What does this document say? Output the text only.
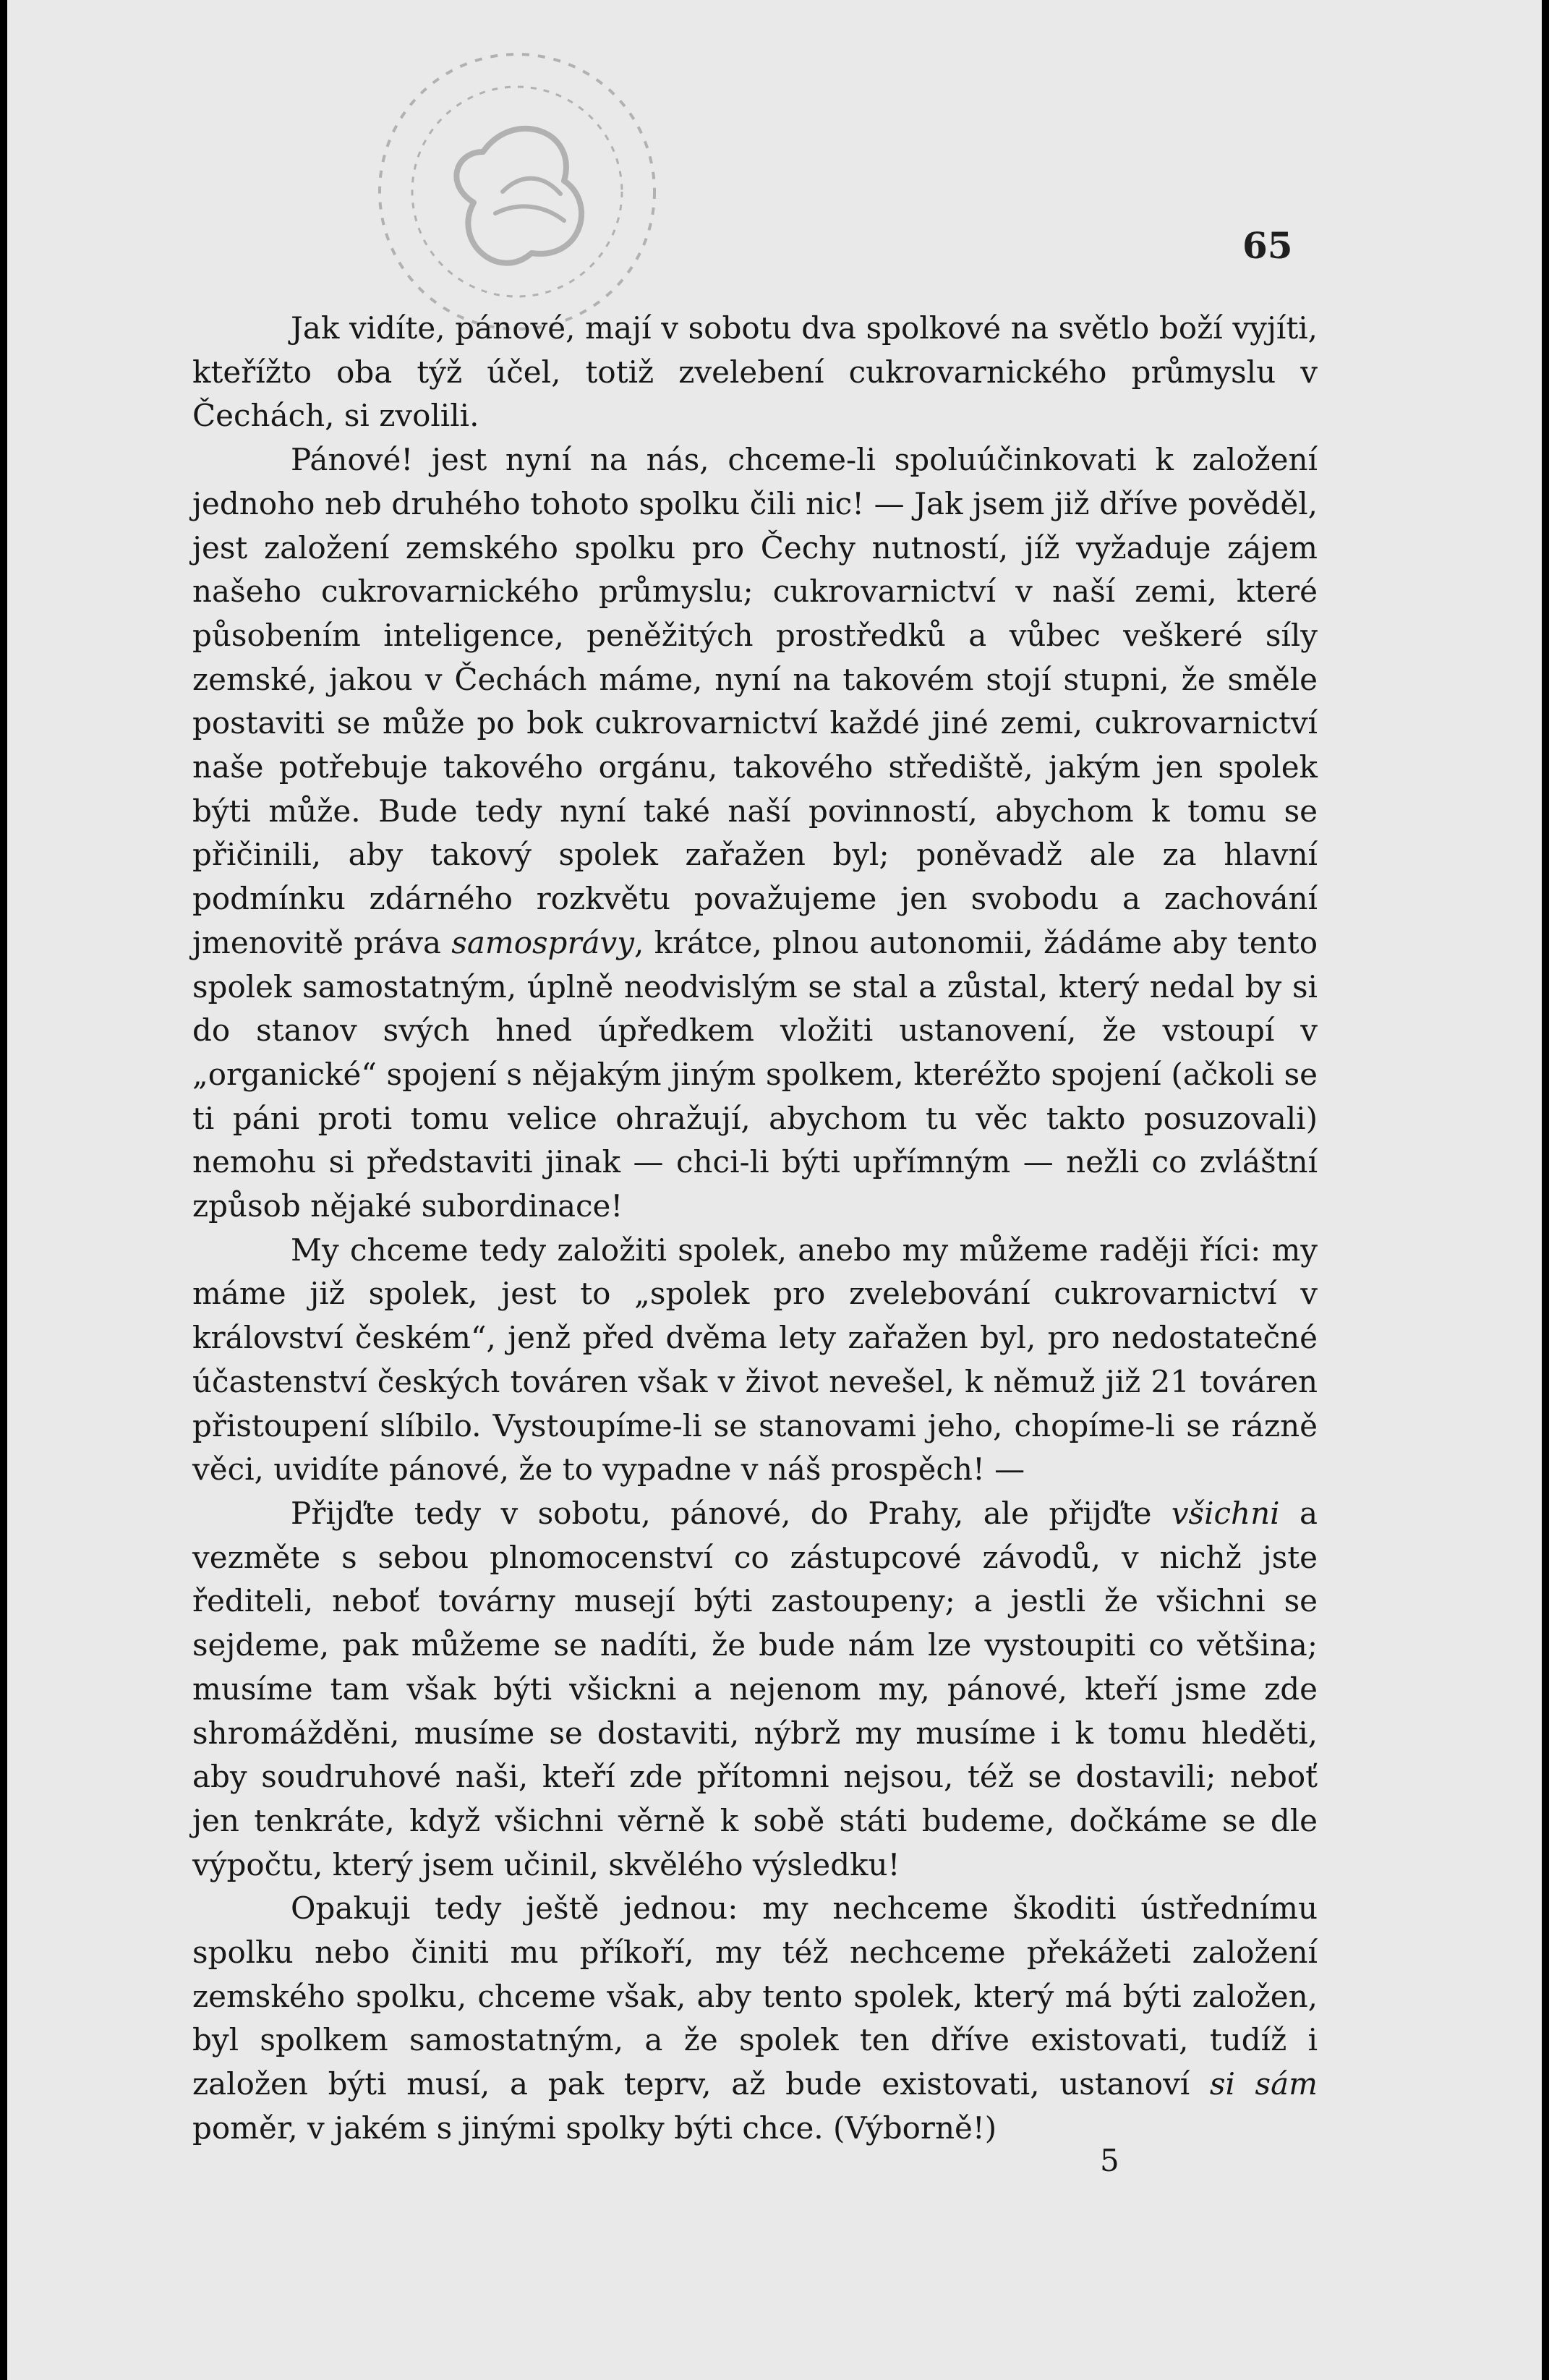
65

Jak vidíte, pánové, mají v sobotu dva spolkové na světlo boží vyjíti, kteřížto oba týž účel, totiž zvelebení cukrovarnického průmyslu v Čechách, si zvolili.

Pánové! jest nyní na nás, chceme-li spoluúčinkovati k založení jednoho neb druhého tohoto spolku čili nic! — Jak jsem již dříve pověděl, jest založení zemského spolku pro Čechy nutností, jíž vyžaduje zájem našeho cukrovarnického průmyslu; cukrovarnictví v naší zemi, které působením inteligence, peněžitých prostředků a vůbec veškeré síly zemské, jakou v Čechách máme, nyní na takovém stojí stupni, že směle postaviti se může po bok cukrovarnictví každé jiné zemi, cukrovarnictví naše potřebuje takového orgánu, takového střediště, jakým jen spolek býti může. Bude tedy nyní také naší povinností, abychom k tomu se přičinili, aby takový spolek zařažen byl; poněvadž ale za hlavní podmínku zdárného rozkvětu považujeme jen svobodu a zachování jmenovitě práva samosprávy, krátce, plnou autonomii, žádáme aby tento spolek samostatným, úplně neodvislým se stal a zůstal, který nedal by si do stanov svých hned úpředkem vložiti ustanovení, že vstoupí v „organické“ spojení s nějakým jiným spolkem, kteréžto spojení (ačkoli se ti páni proti tomu velice ohražují, abychom tu věc takto posuzovali) nemohu si představiti jinak — chci-li býti upřímným — nežli co zvláštní způsob nějaké subordinace!

My chceme tedy založiti spolek, anebo my můžeme raději říci: my máme již spolek, jest to „spolek pro zvelebování cukrovarnictví v království českém“, jenž před dvěma lety zařažen byl, pro nedostatečné účastenství českých továren však v život nevešel, k němuž již 21 továren přistoupení slíbilo. Vystoupíme-li se stanovami jeho, chopíme-li se rázně věci, uvidíte pánové, že to vypadne v náš prospěch! —

Přijďte tedy v sobotu, pánové, do Prahy, ale přijďte všichni a vezměte s sebou plnomocenství co zástupcové závodů, v nichž jste řediteli, neboť továrny musejí býti zastoupeny; a jestli že všichni se sejdeme, pak můžeme se nadíti, že bude nám lze vystoupiti co většina; musíme tam však býti všickni a nejenom my, pánové, kteří jsme zde shromážděni, musíme se dostaviti, nýbrž my musíme i k tomu hleděti, aby soudruhové naši, kteří zde přítomni nejsou, též se dostavili; neboť jen tenkráte, když všichni věrně k sobě státi budeme, dočkáme se dle výpočtu, který jsem učinil, skvělého výsledku!

Opakuji tedy ještě jednou: my nechceme škoditi ústřednímu spolku nebo činiti mu příkoří, my též nechceme překážeti založení zemského spolku, chceme však, aby tento spolek, který má býti založen, byl spolkem samostatným, a že spolek ten dříve existovati, tudíž i založen býti musí, a pak teprv, až bude existovati, ustanoví si sám poměr, v jakém s jinými spolky býti chce. (Výborně!)

5
